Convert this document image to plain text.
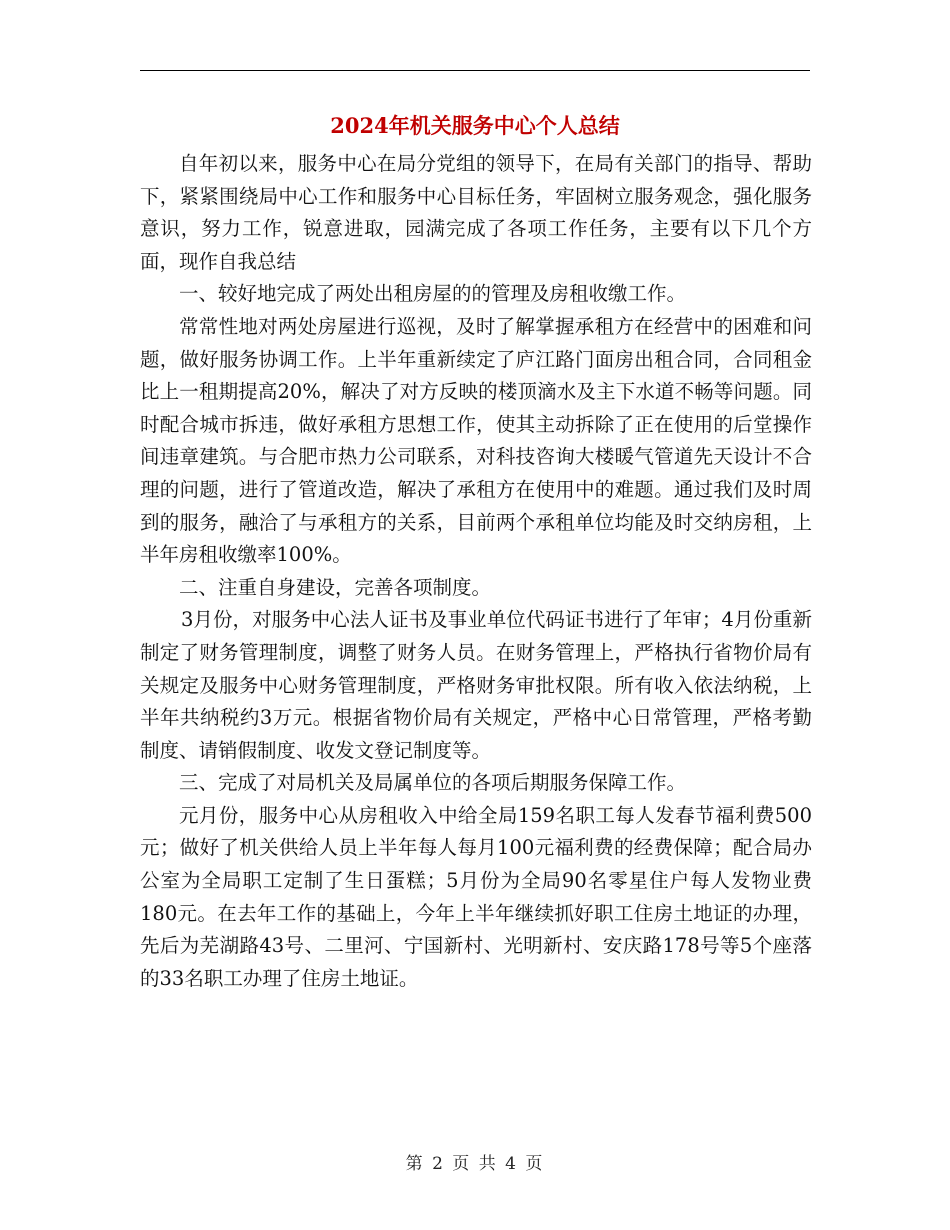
2024年机关服务中心个人总结

自年初以来，服务中心在局分党组的领导下，在局有关部门的指导、帮助下，紧紧围绕局中心工作和服务中心目标任务，牢固树立服务观念，强化服务意识，努力工作，锐意进取，园满完成了各项工作任务，主要有以下几个方面，现作自我总结

一、较好地完成了两处出租房屋的的管理及房租收缴工作。

常常性地对两处房屋进行巡视，及时了解掌握承租方在经营中的困难和问题，做好服务协调工作。上半年重新续定了庐江路门面房出租合同，合同租金比上一租期提高20%，解决了对方反映的楼顶滴水及主下水道不畅等问题。同时配合城市拆违，做好承租方思想工作，使其主动拆除了正在使用的后堂操作间违章建筑。与合肥市热力公司联系，对科技咨询大楼暖气管道先天设计不合理的问题，进行了管道改造，解决了承租方在使用中的难题。通过我们及时周到的服务，融洽了与承租方的关系，目前两个承租单位均能及时交纳房租，上半年房租收缴率100%。

二、注重自身建设，完善各项制度。

3月份，对服务中心法人证书及事业单位代码证书进行了年审；4月份重新制定了财务管理制度，调整了财务人员。在财务管理上，严格执行省物价局有关规定及服务中心财务管理制度，严格财务审批权限。所有收入依法纳税，上半年共纳税约3万元。根据省物价局有关规定，严格中心日常管理，严格考勤制度、请销假制度、收发文登记制度等。

三、完成了对局机关及局属单位的各项后期服务保障工作。

元月份，服务中心从房租收入中给全局159名职工每人发春节福利费500元；做好了机关供给人员上半年每人每月100元福利费的经费保障；配合局办公室为全局职工定制了生日蛋糕；5月份为全局90名零星住户每人发物业费180元。在去年工作的基础上，今年上半年继续抓好职工住房土地证的办理，先后为芜湖路43号、二里河、宁国新村、光明新村、安庆路178号等5个座落的33名职工办理了住房土地证。

第 2 页 共 4 页
